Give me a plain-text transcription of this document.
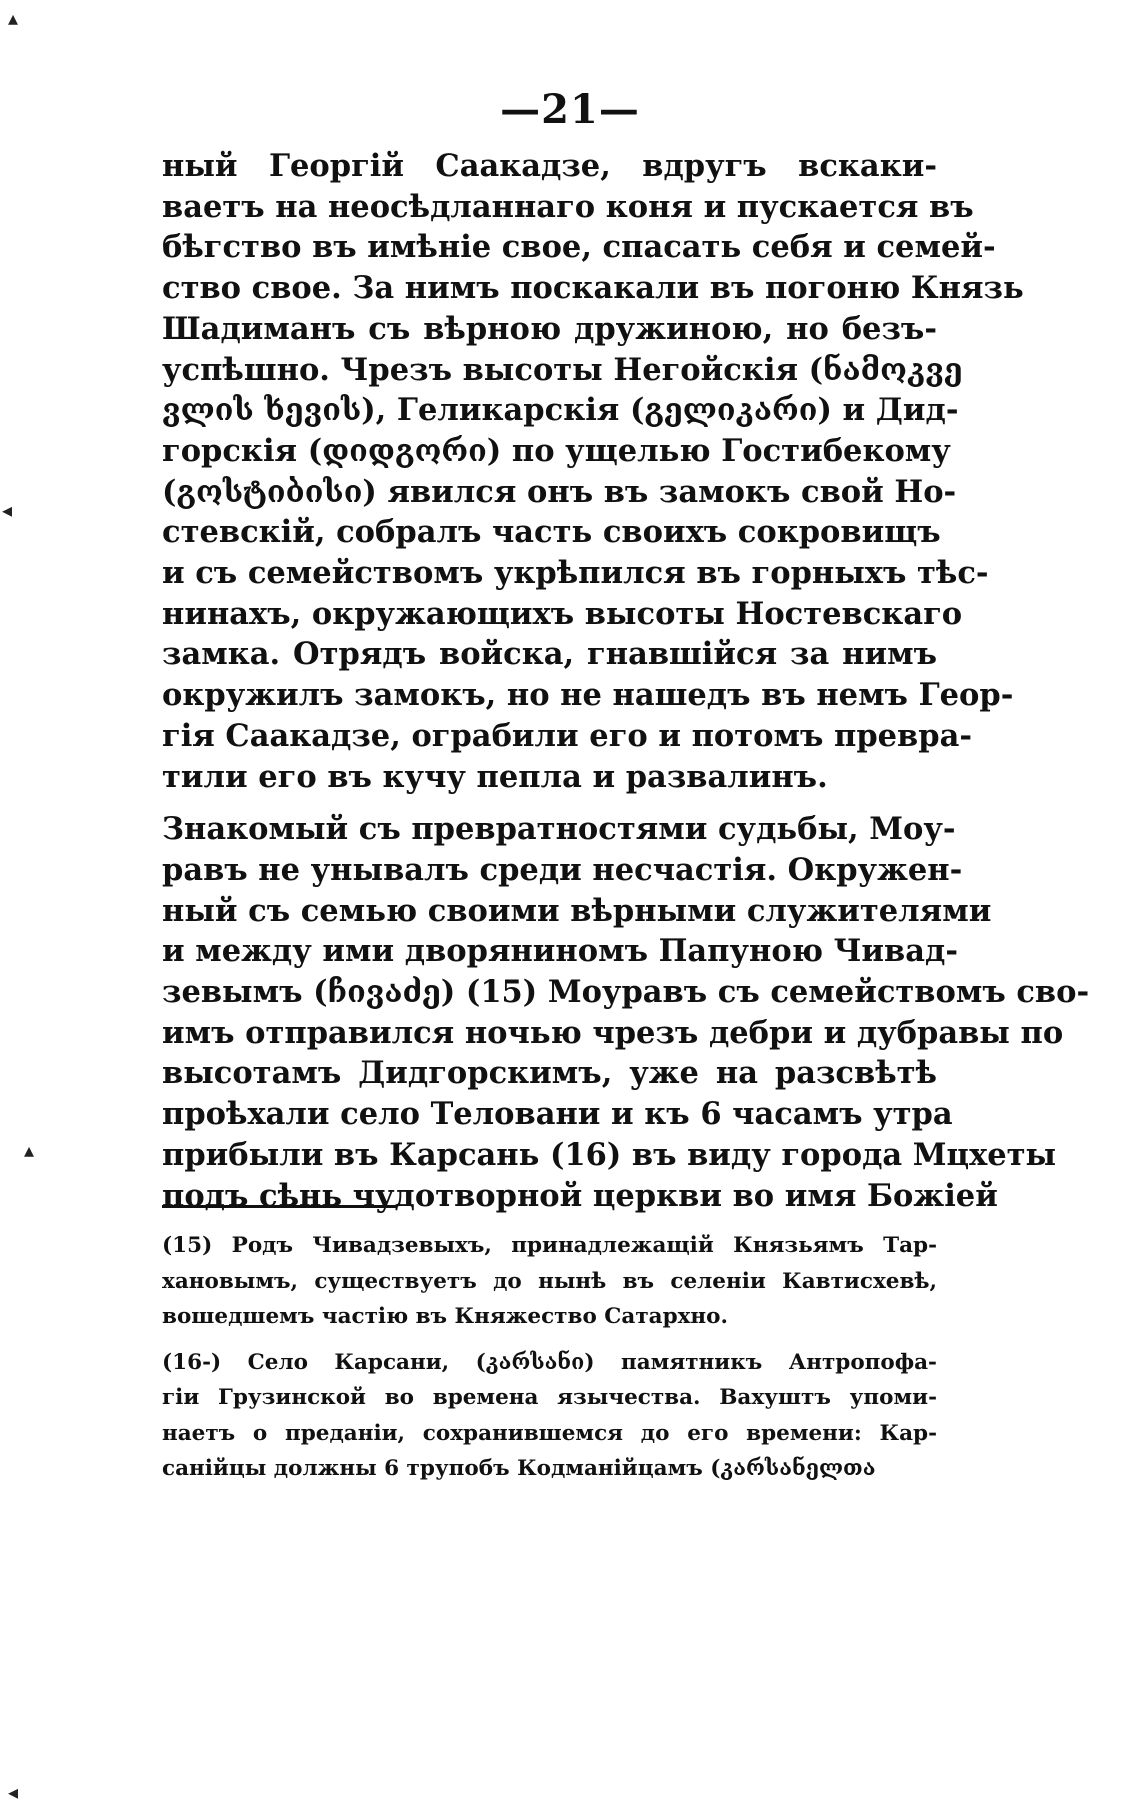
—21—
ный Георгій Саакадзе, вдругъ вскаки-
ваетъ на неосѣдланнаго коня и пускается въ
бѣгство въ имѣніе свое, спасать себя и семей-
ство свое. За нимъ поскакали въ погоню Князь
Шадиманъ съ вѣрною дружиною, но безъ-
успѣшно. Чрезъ высоты Негойскія (ნამოკვე
ვლის ხევის), Геликарскія (გელიკარი) и Дид-
горскія (დიდგორი) по ущелью Гостибекому
(გოსტიბისი) явился онъ въ замокъ свой Но-
стевскій, собралъ часть своихъ сокровищъ
и съ семействомъ укрѣпился въ горныхъ тѣс-
нинахъ, окружающихъ высоты Ностевскаго
замка. Отрядъ войска, гнавшійся за нимъ
окружилъ замокъ, но не нашедъ въ немъ Геор-
гія Саакадзе, ограбили его и потомъ превра-
тили его въ кучу пепла и развалинъ.
Знакомый съ превратностями судьбы, Моу-
равъ не унывалъ среди несчастія. Окружен-
ный съ семью своими вѣрными служителями
и между ими дворяниномъ Папуною Чивад-
зевымъ (ჩივაძე) (15) Моуравъ съ семействомъ сво-
имъ отправился ночью чрезъ дебри и дубравы по
высотамъ Дидгорскимъ, уже на разсвѣтѣ
проѣхали село Теловани и къ 6 часамъ утра
прибыли въ Карсань (16) въ виду города Мцхеты
подъ сѣнь чудотворной церкви во имя Божіей
(15) Родъ Чивадзевыхъ, принадлежащій Князьямъ Тар-
хановымъ, существуетъ до нынѣ въ селеніи Кавтисхевѣ,
вошедшемъ частію въ Княжество Сатархно.
(16-) Село Карсани, (კარსანი) памятникъ Антропофа-
гіи Грузинской во времена язычества. Вахуштъ упоми-
наетъ о преданіи, сохранившемся до его времени: Кар-
санійцы должны 6 трупобъ Кодманійцамъ (კარსანელთა
▴
◂
▴
◂
